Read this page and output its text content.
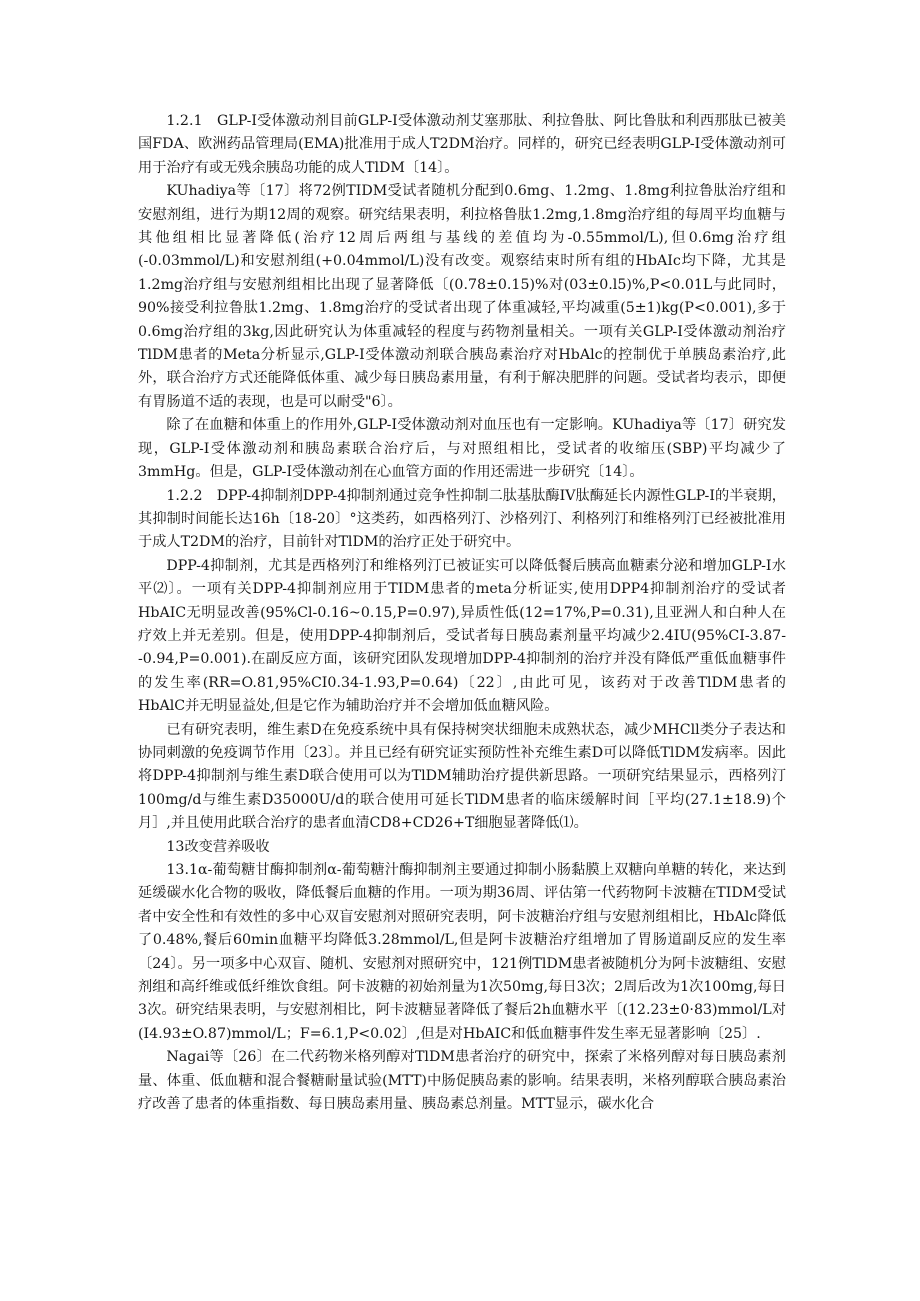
1.2.1　GLP-I受体激动剂目前GLP-I受体激动剂艾塞那肽、利拉鲁肽、阿比鲁肽和利西那肽已被美国FDA、欧洲药品管理局(EMA)批准用于成人T2DM治疗。同样的，研究已经表明GLP-I受体激动剂可用于治疗有或无残余胰岛功能的成人TlDM〔14〕。

KUhadiya等〔17〕将72例TIDM受试者随机分配到0.6mg、1.2mg、1.8mg利拉鲁肽治疗组和安慰剂组，进行为期12周的观察。研究结果表明，利拉格鲁肽1.2mg,1.8mg治疗组的每周平均血糖与其他组相比显著降低(治疗12周后两组与基线的差值均为-0.55mmol/L),但0.6mg治疗组(-0.03mmol/L)和安慰剂组(+0.04mmol/L)没有改变。观察结束时所有组的HbAIc均下降，尤其是1.2mg治疗组与安慰剂组相比出现了显著降低〔(0.78±0.15)%对(03±0.l5)%,P<0.01L与此同时，90%接受利拉鲁肽1.2mg、1.8mg治疗的受试者出现了体重减轻,平均减重(5±1)kg(P<0.001),多于0.6mg治疗组的3kg,因此研究认为体重减轻的程度与药物剂量相关。一项有关GLP-I受体激动剂治疗TlDM患者的Meta分析显示,GLP-I受体激动剂联合胰岛素治疗对HbAlc的控制优于单胰岛素治疗,此外，联合治疗方式还能降低体重、减少每日胰岛素用量，有利于解决肥胖的问题。受试者均表示，即便有胃肠道不适的表现，也是可以耐受"6〕。

除了在血糖和体重上的作用外,GLP-I受体激动剂对血压也有一定影响。KUhadiya等〔17〕研究发现，GLP-I受体激动剂和胰岛素联合治疗后，与对照组相比，受试者的收缩压(SBP)平均减少了3mmHg。但是，GLP-I受体激动剂在心血管方面的作用还需进一步研究〔14〕。

1.2.2　DPP-4抑制剂DPP-4抑制剂通过竞争性抑制二肽基肽酶IV肽酶延长内源性GLP-I的半衰期，其抑制时间能长达16h〔18-20〕°这类药，如西格列汀、沙格列汀、利格列汀和维格列汀已经被批准用于成人T2DM的治疗，目前针对TlDM的治疗正处于研究中。

DPP-4抑制剂，尤其是西格列汀和维格列汀已被证实可以降低餐后胰高血糖素分泌和增加GLP-I水平⑵〕。一项有关DPP-4抑制剂应用于TIDM患者的meta分析证实,使用DPP4抑制剂治疗的受试者HbAIC无明显改善(95%Cl-0.16~0.15,P=0.97),异质性低(12=17%,P=0.31),且亚洲人和白种人在疗效上并无差别。但是，使用DPP-4抑制剂后，受试者每日胰岛素剂量平均减少2.4IU(95%CI-3.87--0.94,P=0.001).在副反应方面，该研究团队发现增加DPP-4抑制剂的治疗并没有降低严重低血糖事件的发生率(RR=O.81,95%CI0.34-1.93,P=0.64)〔22〕,由此可见，该药对于改善TlDM患者的HbAlC并无明显益处,但是它作为辅助治疗并不会增加低血糖风险。

已有研究表明，维生素D在免疫系统中具有保持树突状细胞未成熟状态，减少MHCll类分子表达和协同刺激的免疫调节作用〔23〕。并且已经有研究证实预防性补充维生素D可以降低TlDM发病率。因此将DPP-4抑制剂与维生素D联合使用可以为TlDM辅助治疗提供新思路。一项研究结果显示，西格列汀100mg/d与维生素D35000U/d的联合使用可延长TlDM患者的临床缓解时间［平均(27.1±18.9)个月］,并且使用此联合治疗的患者血清CD8+CD26+T细胞显著降低⑴。

13改变营养吸收

13.1α-葡萄糖甘酶抑制剂α-葡萄糖汁酶抑制剂主要通过抑制小肠黏膜上双糖向单糖的转化，来达到延缓碳水化合物的吸收，降低餐后血糖的作用。一项为期36周、评估第一代药物阿卡波糖在TIDM受试者中安全性和有效性的多中心双盲安慰剂对照研究表明，阿卡波糖治疗组与安慰剂组相比，HbAlc降低了0.48%,餐后60min血糖平均降低3.28mmol/L,但是阿卡波糖治疗组增加了胃肠道副反应的发生率〔24〕。另一项多中心双盲、随机、安慰剂对照研究中，121例TlDM患者被随机分为阿卡波糖组、安慰剂组和高纤维或低纤维饮食组。阿卡波糖的初始剂量为1次50mg,每日3次；2周后改为1次100mg,每日3次。研究结果表明，与安慰剂相比，阿卡波糖显著降低了餐后2h血糖水平〔(12.23±0·83)mmol/L对(I4.93±O.87)mmol/L；F=6.1,P<0.02〕,但是对HbAIC和低血糖事件发生率无显著影响〔25〕.

Nagai等〔26〕在二代药物米格列醇对TlDM患者治疗的研究中，探索了米格列醇对每日胰岛素剂量、体重、低血糖和混合餐糖耐量试验(MTT)中肠促胰岛素的影响。结果表明，米格列醇联合胰岛素治疗改善了患者的体重指数、每日胰岛素用量、胰岛素总剂量。MTT显示，碳水化合
